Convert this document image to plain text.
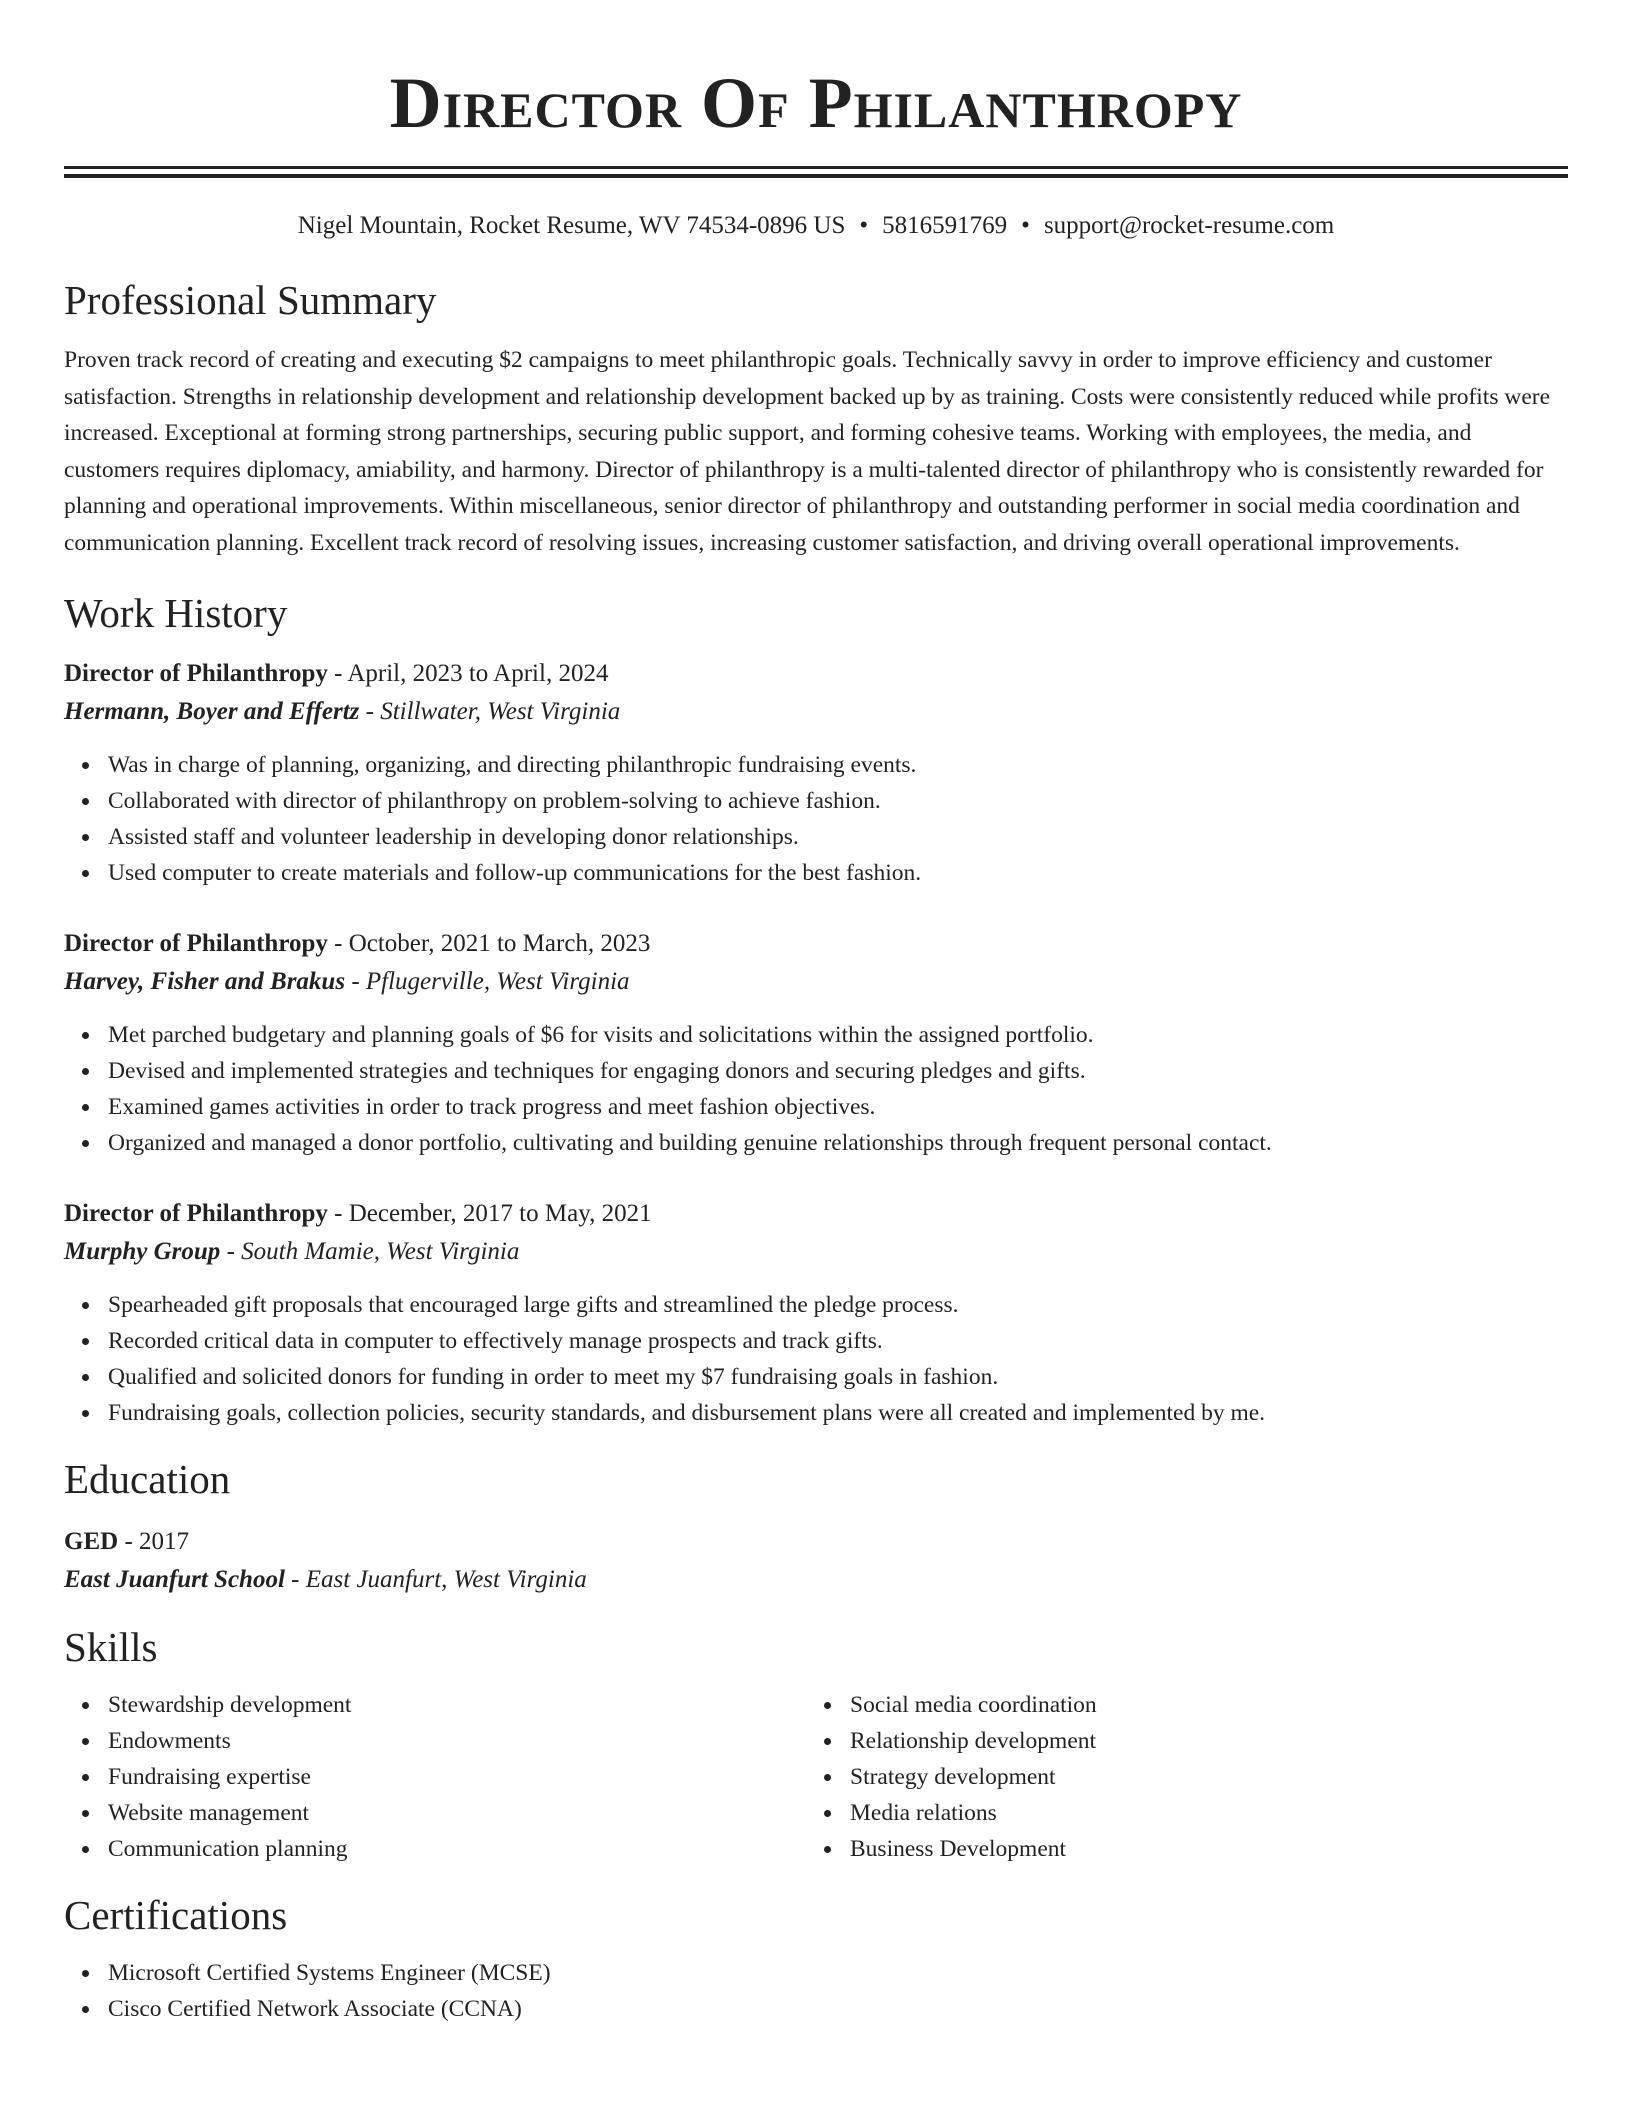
Director Of Philanthropy
Nigel Mountain, Rocket Resume, WV 74534-0896 US • 5816591769 • support@rocket-resume.com
Professional Summary
Proven track record of creating and executing $2 campaigns to meet philanthropic goals. Technically savvy in order to improve efficiency and customer satisfaction. Strengths in relationship development and relationship development backed up by as training. Costs were consistently reduced while profits were increased. Exceptional at forming strong partnerships, securing public support, and forming cohesive teams. Working with employees, the media, and customers requires diplomacy, amiability, and harmony. Director of philanthropy is a multi-talented director of philanthropy who is consistently rewarded for planning and operational improvements. Within miscellaneous, senior director of philanthropy and outstanding performer in social media coordination and communication planning. Excellent track record of resolving issues, increasing customer satisfaction, and driving overall operational improvements.
Work History
Director of Philanthropy - April, 2023 to April, 2024
Hermann, Boyer and Effertz - Stillwater, West Virginia
Was in charge of planning, organizing, and directing philanthropic fundraising events.
Collaborated with director of philanthropy on problem-solving to achieve fashion.
Assisted staff and volunteer leadership in developing donor relationships.
Used computer to create materials and follow-up communications for the best fashion.
Director of Philanthropy - October, 2021 to March, 2023
Harvey, Fisher and Brakus - Pflugerville, West Virginia
Met parched budgetary and planning goals of $6 for visits and solicitations within the assigned portfolio.
Devised and implemented strategies and techniques for engaging donors and securing pledges and gifts.
Examined games activities in order to track progress and meet fashion objectives.
Organized and managed a donor portfolio, cultivating and building genuine relationships through frequent personal contact.
Director of Philanthropy - December, 2017 to May, 2021
Murphy Group - South Mamie, West Virginia
Spearheaded gift proposals that encouraged large gifts and streamlined the pledge process.
Recorded critical data in computer to effectively manage prospects and track gifts.
Qualified and solicited donors for funding in order to meet my $7 fundraising goals in fashion.
Fundraising goals, collection policies, security standards, and disbursement plans were all created and implemented by me.
Education
GED - 2017
East Juanfurt School - East Juanfurt, West Virginia
Skills
Stewardship development
Endowments
Fundraising expertise
Website management
Communication planning
Social media coordination
Relationship development
Strategy development
Media relations
Business Development
Certifications
Microsoft Certified Systems Engineer (MCSE)
Cisco Certified Network Associate (CCNA)
